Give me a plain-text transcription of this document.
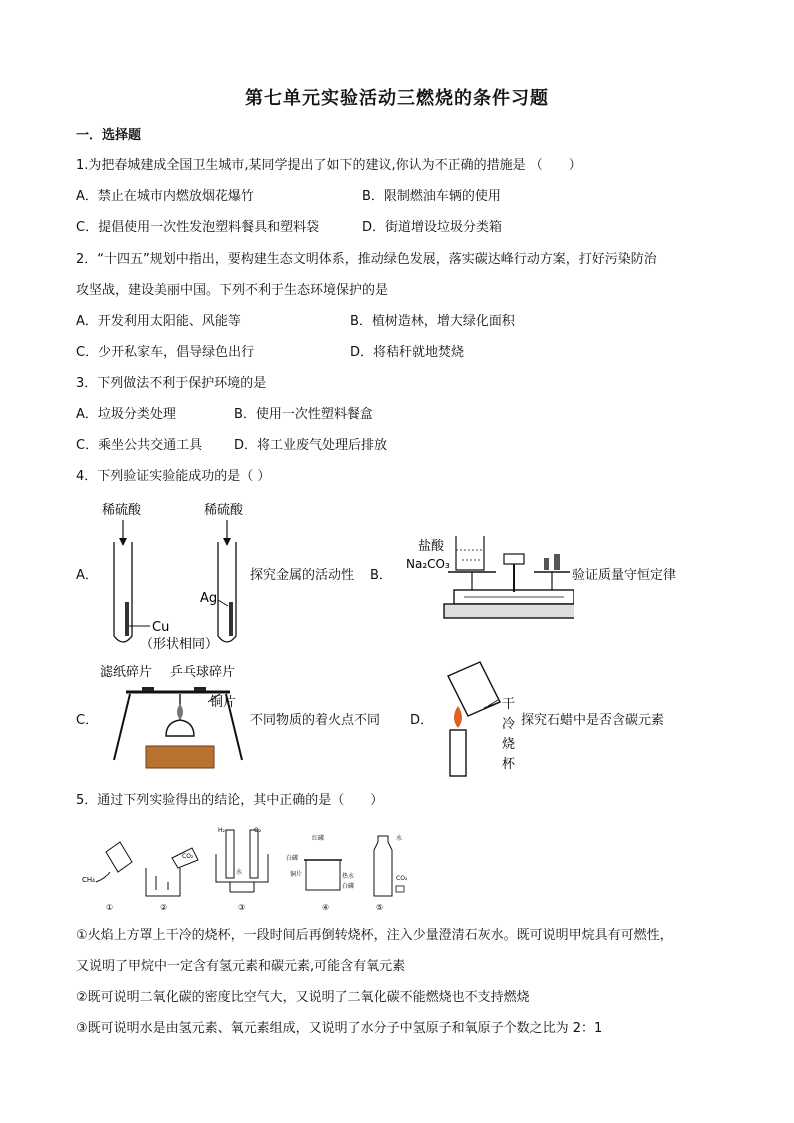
第七单元实验活动三燃烧的条件习题
一．选择题
1.为把春城建成全国卫生城市,某同学提出了如下的建议,你认为不正确的措施是 （　　）
A．禁止在城市内燃放烟花爆竹	B．限制燃油车辆的使用
C．提倡使用一次性发泡塑料餐具和塑料袋	D．街道增设垃圾分类箱
2．“十四五”规划中指出，要构建生态文明体系，推动绿色发展，落实碳达峰行动方案，打好污染防治
攻坚战，建设美丽中国。下列不利于生态环境保护的是
A．开发利用太阳能、风能等	B．植树造林，增大绿化面积
C．少开私家车，倡导绿色出行	D．将秸秆就地焚烧
3．下列做法不利于保护环境的是
A．垃圾分类处理	B．使用一次性塑料餐盒
C．乘坐公共交通工具 D．将工业废气处理后排放
4．下列验证实验能成功的是（ ）
A．
稀硫酸	稀硫酸
Cu
Ag
（形状相同）
探究金属的活动性 B．
盐酸
Na₂CO₃
验证质量守恒定律
C．
滤纸碎片 乒乓球碎片
铜片
不同物质的着火点不同 D．
干
冷
烧
杯
探究石蜡中是否含碳元素
5．通过下列实验得出的结论，其中正确的是（　　）
CH₄
①
CO₂
②
H₂	O₂
水
③
红磷
白磷
铜片	热水
白磷
④
水
CO₂
⑤
①火焰上方罩上干冷的烧杯，一段时间后再倒转烧杯，注入少量澄清石灰水。既可说明甲烷具有可燃性，
又说明了甲烷中一定含有氢元素和碳元素,可能含有氧元素
②既可说明二氧化碳的密度比空气大，又说明了二氧化碳不能燃烧也不支持燃烧
③既可说明水是由氢元素、氧元素组成，又说明了水分子中氢原子和氧原子个数之比为 2：1
